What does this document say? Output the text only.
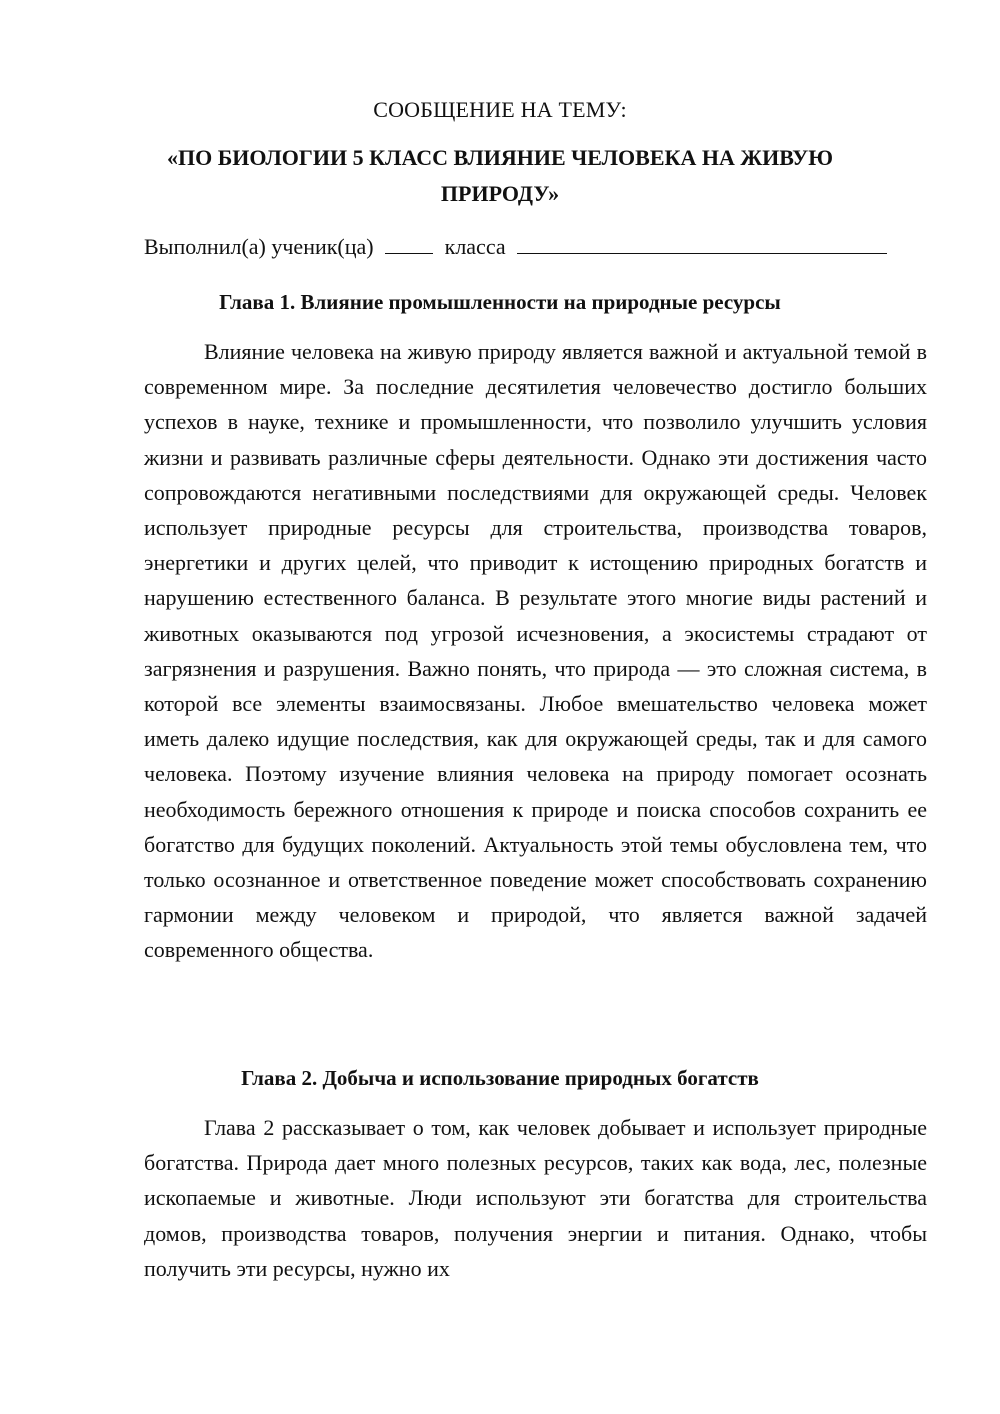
СООБЩЕНИЕ НА ТЕМУ:

«ПО БИОЛОГИИ 5 КЛАСС ВЛИЯНИЕ ЧЕЛОВЕКА НА ЖИВУЮ ПРИРОДУ»

Выполнил(а) ученик(ца)	класса
Глава 1. Влияние промышленности на природные ресурсы

Влияние человека на живую природу является важной и актуальной темой в современном мире. За последние десятилетия человечество достигло больших успехов в науке, технике и промышленности, что позволило улучшить условия жизни и развивать различные сферы деятельности. Однако эти достижения часто сопровождаются негативными последствиями для окружающей среды. Человек использует природные ресурсы для строительства, производства товаров, энергетики и других целей, что приводит к истощению природных богатств и нарушению естественного баланса. В результате этого многие виды растений и животных оказываются под угрозой исчезновения, а экосистемы страдают от загрязнения и разрушения. Важно понять, что природа — это сложная система, в которой все элементы взаимосвязаны. Любое вмешательство человека может иметь далеко идущие последствия, как для окружающей среды, так и для самого человека. Поэтому изучение влияния человека на природу помогает осознать необходимость бережного отношения к природе и поиска способов сохранить ее богатство для будущих поколений. Актуальность этой темы обусловлена тем, что только осознанное и ответственное поведение может способствовать сохранению гармонии между человеком и природой, что является важной задачей современного общества.

Глава 2. Добыча и использование природных богатств

Глава 2 рассказывает о том, как человек добывает и использует природные богатства. Природа дает много полезных ресурсов, таких как вода, лес, полезные ископаемые и животные. Люди используют эти богатства для строительства домов, производства товаров, получения энергии и питания. Однако, чтобы получить эти ресурсы, нужно их
